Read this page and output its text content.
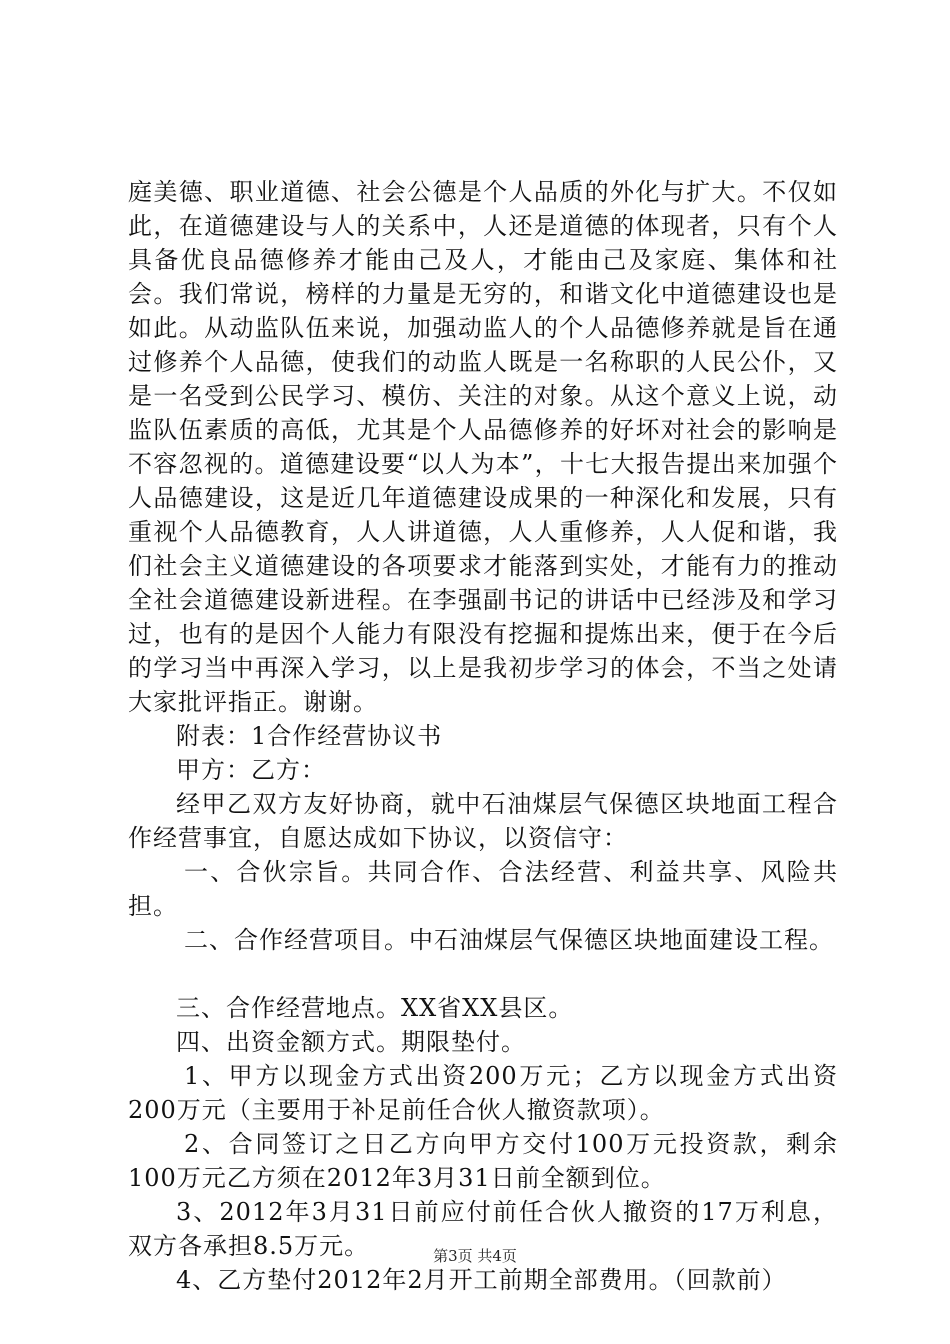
庭美德、职业道德、社会公德是个人品质的外化与扩大。不仅如此，在道德建设与人的关系中，人还是道德的体现者，只有个人具备优良品德修养才能由己及人，才能由己及家庭、集体和社会。我们常说，榜样的力量是无穷的，和谐文化中道德建设也是如此。从动监队伍来说，加强动监人的个人品德修养就是旨在通过修养个人品德，使我们的动监人既是一名称职的人民公仆，又是一名受到公民学习、模仿、关注的对象。从这个意义上说，动监队伍素质的高低，尤其是个人品德修养的好坏对社会的影响是不容忽视的。道德建设要“以人为本”，十七大报告提出来加强个人品德建设，这是近几年道德建设成果的一种深化和发展，只有重视个人品德教育，人人讲道德，人人重修养，人人促和谐，我们社会主义道德建设的各项要求才能落到实处，才能有力的推动全社会道德建设新进程。在李强副书记的讲话中已经涉及和学习过，也有的是因个人能力有限没有挖掘和提炼出来，便于在今后的学习当中再深入学习，以上是我初步学习的体会，不当之处请大家批评指正。谢谢。

附表：1合作经营协议书

甲方：乙方：

经甲乙双方友好协商，就中石油煤层气保德区块地面工程合作经营事宜，自愿达成如下协议，以资信守：

一、合伙宗旨。共同合作、合法经营、利益共享、风险共担。

二、合作经营项目。中石油煤层气保德区块地面建设工程。

三、合作经营地点。XX省XX县区。

四、出资金额方式。期限垫付。

1、甲方以现金方式出资200万元；乙方以现金方式出资200万元（主要用于补足前任合伙人撤资款项）。

2、合同签订之日乙方向甲方交付100万元投资款，剩余100万元乙方须在2012年3月31日前全额到位。

3、2012年3月31日前应付前任合伙人撤资的17万利息，双方各承担8.5万元。

4、乙方垫付2012年2月开工前期全部费用。（回款前）

第3页 共4页
